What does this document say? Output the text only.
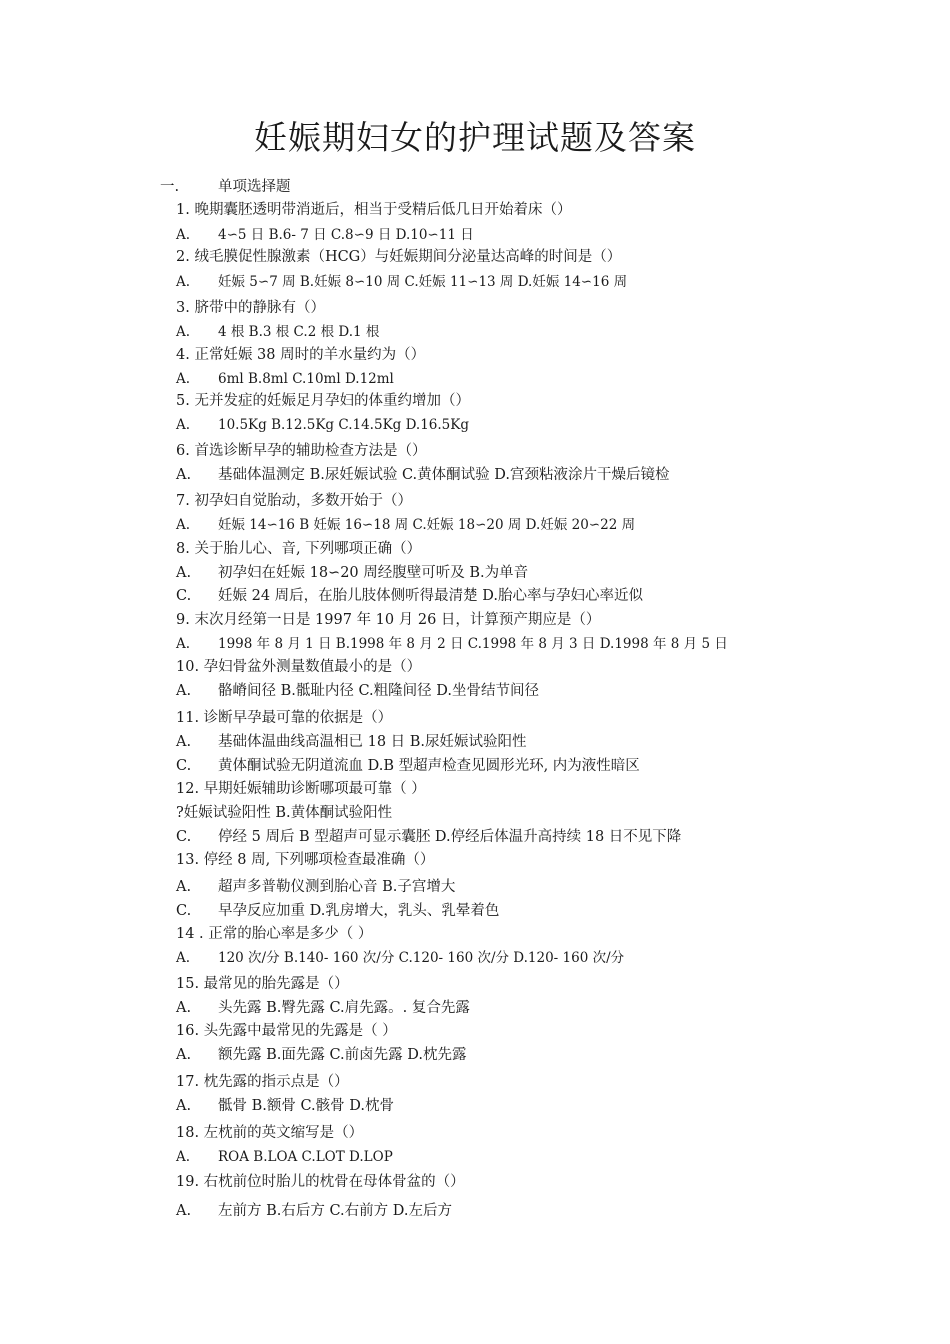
妊娠期妇女的护理试题及答案
一.	单项选择题
1. 晚期囊胚透明带消逝后，相当于受精后低几日开始着床（）
A. 4∽5 日 B.6- 7 日 C.8∽9 日 D.10∽11 日
2. 绒毛膜促性腺激素（HCG）与妊娠期间分泌量达高峰的时间是（）
A. 妊娠 5∽7 周 B.妊娠 8∽10 周 C.妊娠 11∽13 周 D.妊娠 14∽16 周
3. 脐带中的静脉有（）
A. 4 根 B.3 根 C.2 根 D.1 根
4. 正常妊娠 38 周时的羊水量约为（）
A. 6ml B.8ml C.10ml D.12ml
5. 无并发症的妊娠足月孕妇的体重约增加（）
A. 10.5Kg B.12.5Kg C.14.5Kg D.16.5Kg
6. 首选诊断早孕的辅助检查方法是（）
A. 基础体温测定 B.尿妊娠试验 C.黄体酮试验 D.宫颈粘液涂片干燥后镜检
7. 初孕妇自觉胎动，多数开始于（）
A. 妊娠 14∽16 B 妊娠 16∽18 周 C.妊娠 18∽20 周 D.妊娠 20∽22 周
8. 关于胎儿心、音, 下列哪项正确（）
A. 初孕妇在妊娠 18∽20 周经腹壁可听及 B.为单音
C. 妊娠 24 周后，在胎儿肢体侧听得最清楚 D.胎心率与孕妇心率近似
9. 末次月经第一日是 1997 年 10 月 26 日，计算预产期应是（）
A. 1998 年 8 月 1 日 B.1998 年 8 月 2 日 C.1998 年 8 月 3 日 D.1998 年 8 月 5 日
10. 孕妇骨盆外测量数值最小的是（）
A. 骼嵴间径 B.骶耻内径 C.粗隆间径 D.坐骨结节间径
11. 诊断早孕最可靠的依据是（）
A. 基础体温曲线高温相已 18 日 B.尿妊娠试验阳性
C. 黄体酮试验无阴道流血 D.B 型超声检查见圆形光环, 内为液性暗区
12. 早期妊娠辅助诊断哪项最可靠（ ）
?妊娠试验阳性 B.黄体酮试验阳性
C. 停经 5 周后 B 型超声可显示囊胚 D.停经后体温升高持续 18 日不见下降
13. 停经 8 周, 下列哪项检查最准确（）
A. 超声多普勒仪测到胎心音 B.子宫增大
C. 早孕反应加重 D.乳房增大，乳头、乳晕着色
14 . 正常的胎心率是多少（ ）
A. 120 次/分 B.140- 160 次/分 C.120- 160 次/分 D.120- 160 次/分
15. 最常见的胎先露是（）
A. 头先露 B.臀先露 C.肩先露。. 复合先露
16. 头先露中最常见的先露是（ ）
A. 额先露 B.面先露 C.前卤先露 D.枕先露
17. 枕先露的指示点是（）
A. 骶骨 B.额骨 C.骸骨 D.枕骨
18. 左枕前的英文缩写是（）
A. ROA B.LOA C.LOT D.LOP
19. 右枕前位时胎儿的枕骨在母体骨盆的（）
A. 左前方 B.右后方 C.右前方 D.左后方
